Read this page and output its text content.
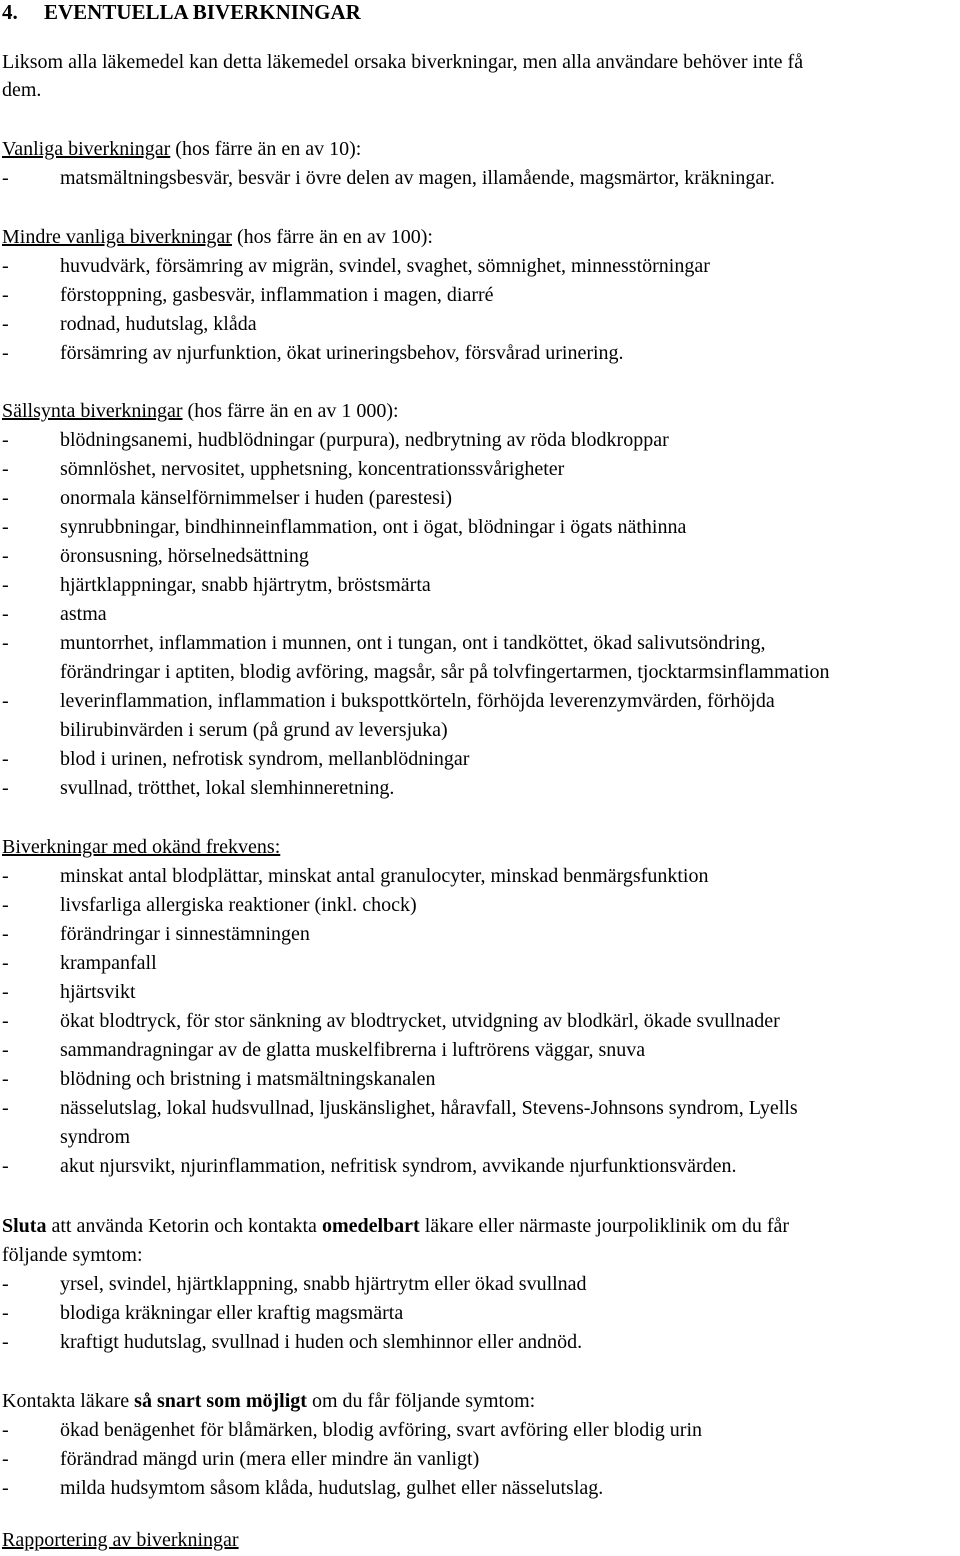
4. EVENTUELLA BIVERKNINGAR
Liksom alla läkemedel kan detta läkemedel orsaka biverkningar, men alla användare behöver inte få
dem.
Vanliga biverkningar (hos färre än en av 10):
-	matsmältningsbesvär, besvär i övre delen av magen, illamående, magsmärtor, kräkningar.
Mindre vanliga biverkningar (hos färre än en av 100):
-	huvudvärk, försämring av migrän, svindel, svaghet, sömnighet, minnesstörningar
-	förstoppning, gasbesvär, inflammation i magen, diarré
-	rodnad, hudutslag, klåda
-	försämring av njurfunktion, ökat urineringsbehov, försvårad urinering.
Sällsynta biverkningar (hos färre än en av 1 000):
-	blödningsanemi, hudblödningar (purpura), nedbrytning av röda blodkroppar
-	sömnlöshet, nervositet, upphetsning, koncentrationssvårigheter
-	onormala känselförnimmelser i huden (parestesi)
-	synrubbningar, bindhinneinflammation, ont i ögat, blödningar i ögats näthinna
-	öronsusning, hörselnedsättning
-	hjärtklappningar, snabb hjärtrytm, bröstsmärta
-	astma
-	muntorrhet, inflammation i munnen, ont i tungan, ont i tandköttet, ökad salivutsöndring,
förändringar i aptiten, blodig avföring, magsår, sår på tolvfingertarmen, tjocktarmsinflammation
-	leverinflammation, inflammation i bukspottkörteln, förhöjda leverenzymvärden, förhöjda
bilirubinvärden i serum (på grund av leversjuka)
-	blod i urinen, nefrotisk syndrom, mellanblödningar
-	svullnad, trötthet, lokal slemhinneretning.
Biverkningar med okänd frekvens:
-	minskat antal blodplättar, minskat antal granulocyter, minskad benmärgsfunktion
-	livsfarliga allergiska reaktioner (inkl. chock)
-	förändringar i sinnestämningen
-	krampanfall
-	hjärtsvikt
-	ökat blodtryck, för stor sänkning av blodtrycket, utvidgning av blodkärl, ökade svullnader
-	sammandragningar av de glatta muskelfibrerna i luftrörens väggar, snuva
-	blödning och bristning i matsmältningskanalen
-	nässelutslag, lokal hudsvullnad, ljuskänslighet, håravfall, Stevens-Johnsons syndrom, Lyells
syndrom
-	akut njursvikt, njurinflammation, nefritisk syndrom, avvikande njurfunktionsvärden.
Sluta att använda Ketorin och kontakta omedelbart läkare eller närmaste jourpoliklinik om du får
följande symtom:
-	yrsel, svindel, hjärtklappning, snabb hjärtrytm eller ökad svullnad
-	blodiga kräkningar eller kraftig magsmärta
-	kraftigt hudutslag, svullnad i huden och slemhinnor eller andnöd.
Kontakta läkare så snart som möjligt om du får följande symtom:
-	ökad benägenhet för blåmärken, blodig avföring, svart avföring eller blodig urin
-	förändrad mängd urin (mera eller mindre än vanligt)
-	milda hudsymtom såsom klåda, hudutslag, gulhet eller nässelutslag.
Rapportering av biverkningar
